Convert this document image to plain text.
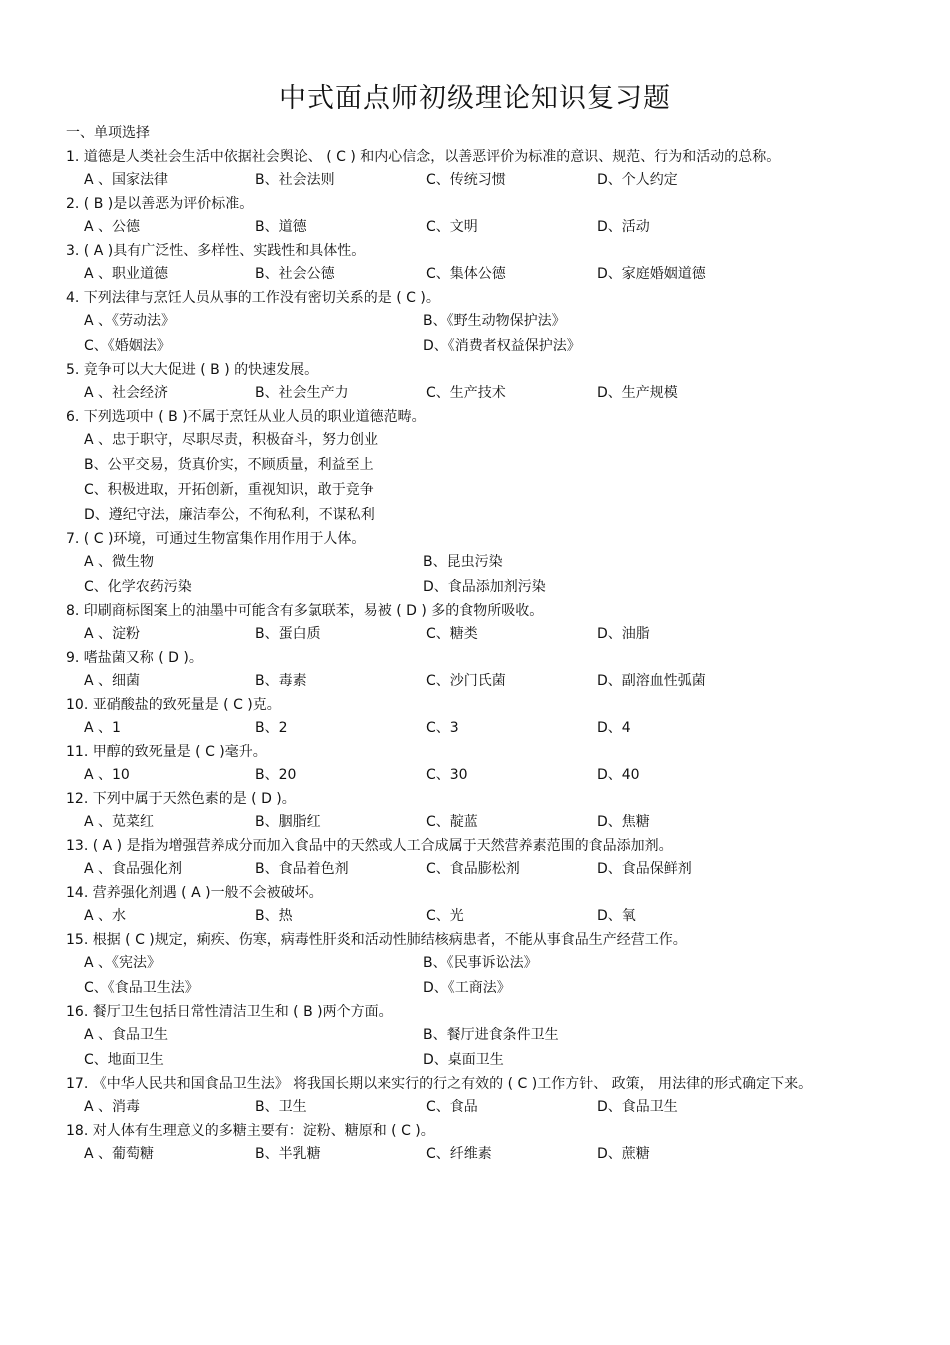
中式面点师初级理论知识复习题
一、单项选择
1. 道德是人类社会生活中依据社会舆论、 ( C ) 和内心信念，以善恶评价为标准的意识、规范、行为和活动的总称。
A 、国家法律	B、社会法则	C、传统习惯	D、个人约定
2. ( B )是以善恶为评价标准。
A 、公德	B、道德	C、文明	D、活动
3. ( A )具有广泛性、多样性、实践性和具体性。
A 、职业道德	B、社会公德	C、集体公德	D、家庭婚姻道德
4. 下列法律与烹饪人员从事的工作没有密切关系的是 ( C )。
A 、《劳动法》	B、《野生动物保护法》
C、《婚姻法》	D、《消费者权益保护法》
5. 竞争可以大大促进 ( B ) 的快速发展。
A 、社会经济	B、社会生产力	C、生产技术	D、生产规模
6. 下列选项中 ( B )不属于烹饪从业人员的职业道德范畴。
A 、忠于职守，尽职尽责，积极奋斗，努力创业
B、公平交易，货真价实，不顾质量，利益至上
C、积极进取，开拓创新，重视知识，敢于竞争
D、遵纪守法，廉洁奉公，不徇私利，不谋私利
7. ( C )环境，可通过生物富集作用作用于人体。
A 、微生物	B、昆虫污染
C、化学农药污染	D、食品添加剂污染
8. 印刷商标图案上的油墨中可能含有多氯联苯，易被 ( D ) 多的食物所吸收。
A 、淀粉	B、蛋白质	C、糖类	D、油脂
9. 嗜盐菌又称 ( D )。
A 、细菌	B、毒素	C、沙门氏菌	D、副溶血性弧菌
10. 亚硝酸盐的致死量是 ( C )克。
A 、1	B、2	C、3	D、4
11. 甲醇的致死量是 ( C )毫升。
A 、10	B、20	C、30	D、40
12. 下列中属于天然色素的是 ( D )。
A 、苋菜红	B、胭脂红	C、靛蓝	D、焦糖
13. ( A ) 是指为增强营养成分而加入食品中的天然或人工合成属于天然营养素范围的食品添加剂。
A 、食品强化剂	B、食品着色剂	C、食品膨松剂	D、食品保鲜剂
14. 营养强化剂遇 ( A )一般不会被破坏。
A 、水	B、热	C、光	D、氧
15. 根据 ( C )规定，痢疾、伤寒，病毒性肝炎和活动性肺结核病患者，不能从事食品生产经营工作。
A 、《宪法》	B、《民事诉讼法》
C、《食品卫生法》	D、《工商法》
16. 餐厅卫生包括日常性清洁卫生和 ( B )两个方面。
A 、食品卫生	B、餐厅进食条件卫生
C、地面卫生	D、桌面卫生
17. 《中华人民共和国食品卫生法》 将我国长期以来实行的行之有效的 ( C )工作方针、 政策， 用法律的形式确定下来。
A 、消毒	B、卫生	C、食品	D、食品卫生
18. 对人体有生理意义的多糖主要有：淀粉、糖原和 ( C )。
A 、葡萄糖	B、半乳糖	C、纤维素	D、蔗糖
